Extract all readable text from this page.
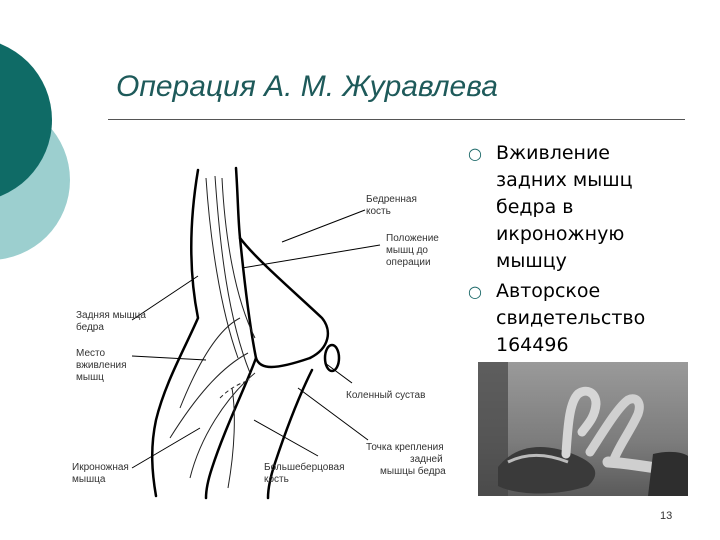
Операция А. М. Журавлева
○ Вживление
задних мышц
бедра в
икроножную
мышцу
○ Авторское
свидетельство
164496
Бедренная кость
Положение мышц до операции
Задняя мышца бедра
Место вживления мышц
Коленный сустав
Точка крепления задней мышцы бедра
Икроножная мышца
Большеберцовая кость
13
